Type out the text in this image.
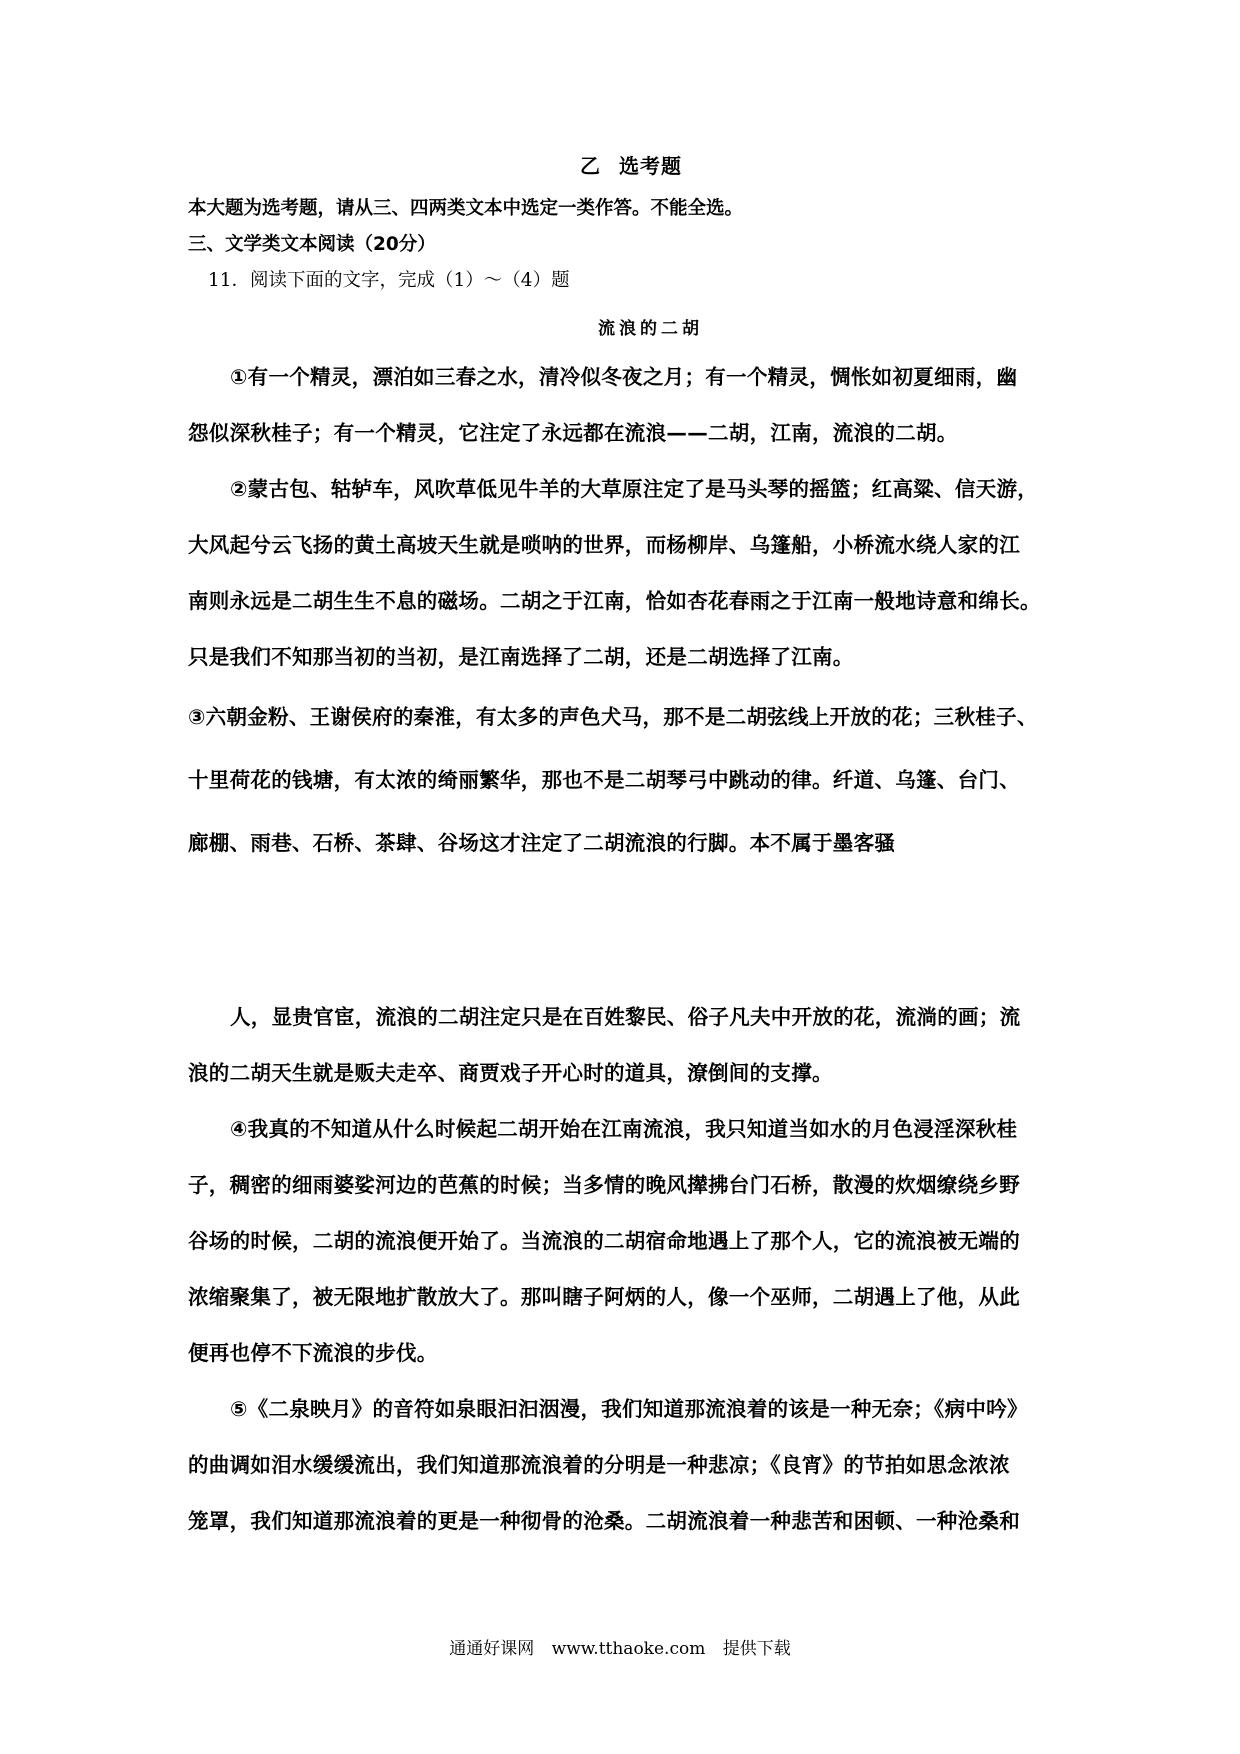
乙 选考题
本大题为选考题，请从三、四两类文本中选定一类作答。不能全选。
三、文学类文本阅读（20分）
11．阅读下面的文字，完成（1）～（4）题
流浪的二胡
①有一个精灵，漂泊如三春之水，清冷似冬夜之月；有一个精灵，惆怅如初夏细雨，幽
怨似深秋桂子；有一个精灵，它注定了永远都在流浪——二胡，江南，流浪的二胡。
②蒙古包、轱轳车，风吹草低见牛羊的大草原注定了是马头琴的摇篮；红高粱、信天游，
大风起兮云飞扬的黄土高坡天生就是唢呐的世界，而杨柳岸、乌篷船，小桥流水绕人家的江
南则永远是二胡生生不息的磁场。二胡之于江南，恰如杏花春雨之于江南一般地诗意和绵长。
只是我们不知那当初的当初，是江南选择了二胡，还是二胡选择了江南。
③六朝金粉、王谢侯府的秦淮，有太多的声色犬马，那不是二胡弦线上开放的花；三秋桂子、
十里荷花的钱塘，有太浓的绮丽繁华，那也不是二胡琴弓中跳动的律。纤道、乌篷、台门、
廊棚、雨巷、石桥、茶肆、谷场这才注定了二胡流浪的行脚。本不属于墨客骚
人，显贵官宦，流浪的二胡注定只是在百姓黎民、俗子凡夫中开放的花，流淌的画；流
浪的二胡天生就是贩夫走卒、商贾戏子开心时的道具，潦倒间的支撑。
④我真的不知道从什么时候起二胡开始在江南流浪，我只知道当如水的月色浸淫深秋桂
子，稠密的细雨婆娑河边的芭蕉的时候；当多情的晚风撵拂台门石桥，散漫的炊烟缭绕乡野
谷场的时候，二胡的流浪便开始了。当流浪的二胡宿命地遇上了那个人，它的流浪被无端的
浓缩聚集了，被无限地扩散放大了。那叫瞎子阿炳的人，像一个巫师，二胡遇上了他，从此
便再也停不下流浪的步伐。
⑤《二泉映月》的音符如泉眼汩汩洇漫，我们知道那流浪着的该是一种无奈；《病中吟》
的曲调如泪水缓缓流出，我们知道那流浪着的分明是一种悲凉；《良宵》的节拍如思念浓浓
笼罩，我们知道那流浪着的更是一种彻骨的沧桑。二胡流浪着一种悲苦和困顿、一种沧桑和
通通好课网 www.tthaoke.com 提供下载
